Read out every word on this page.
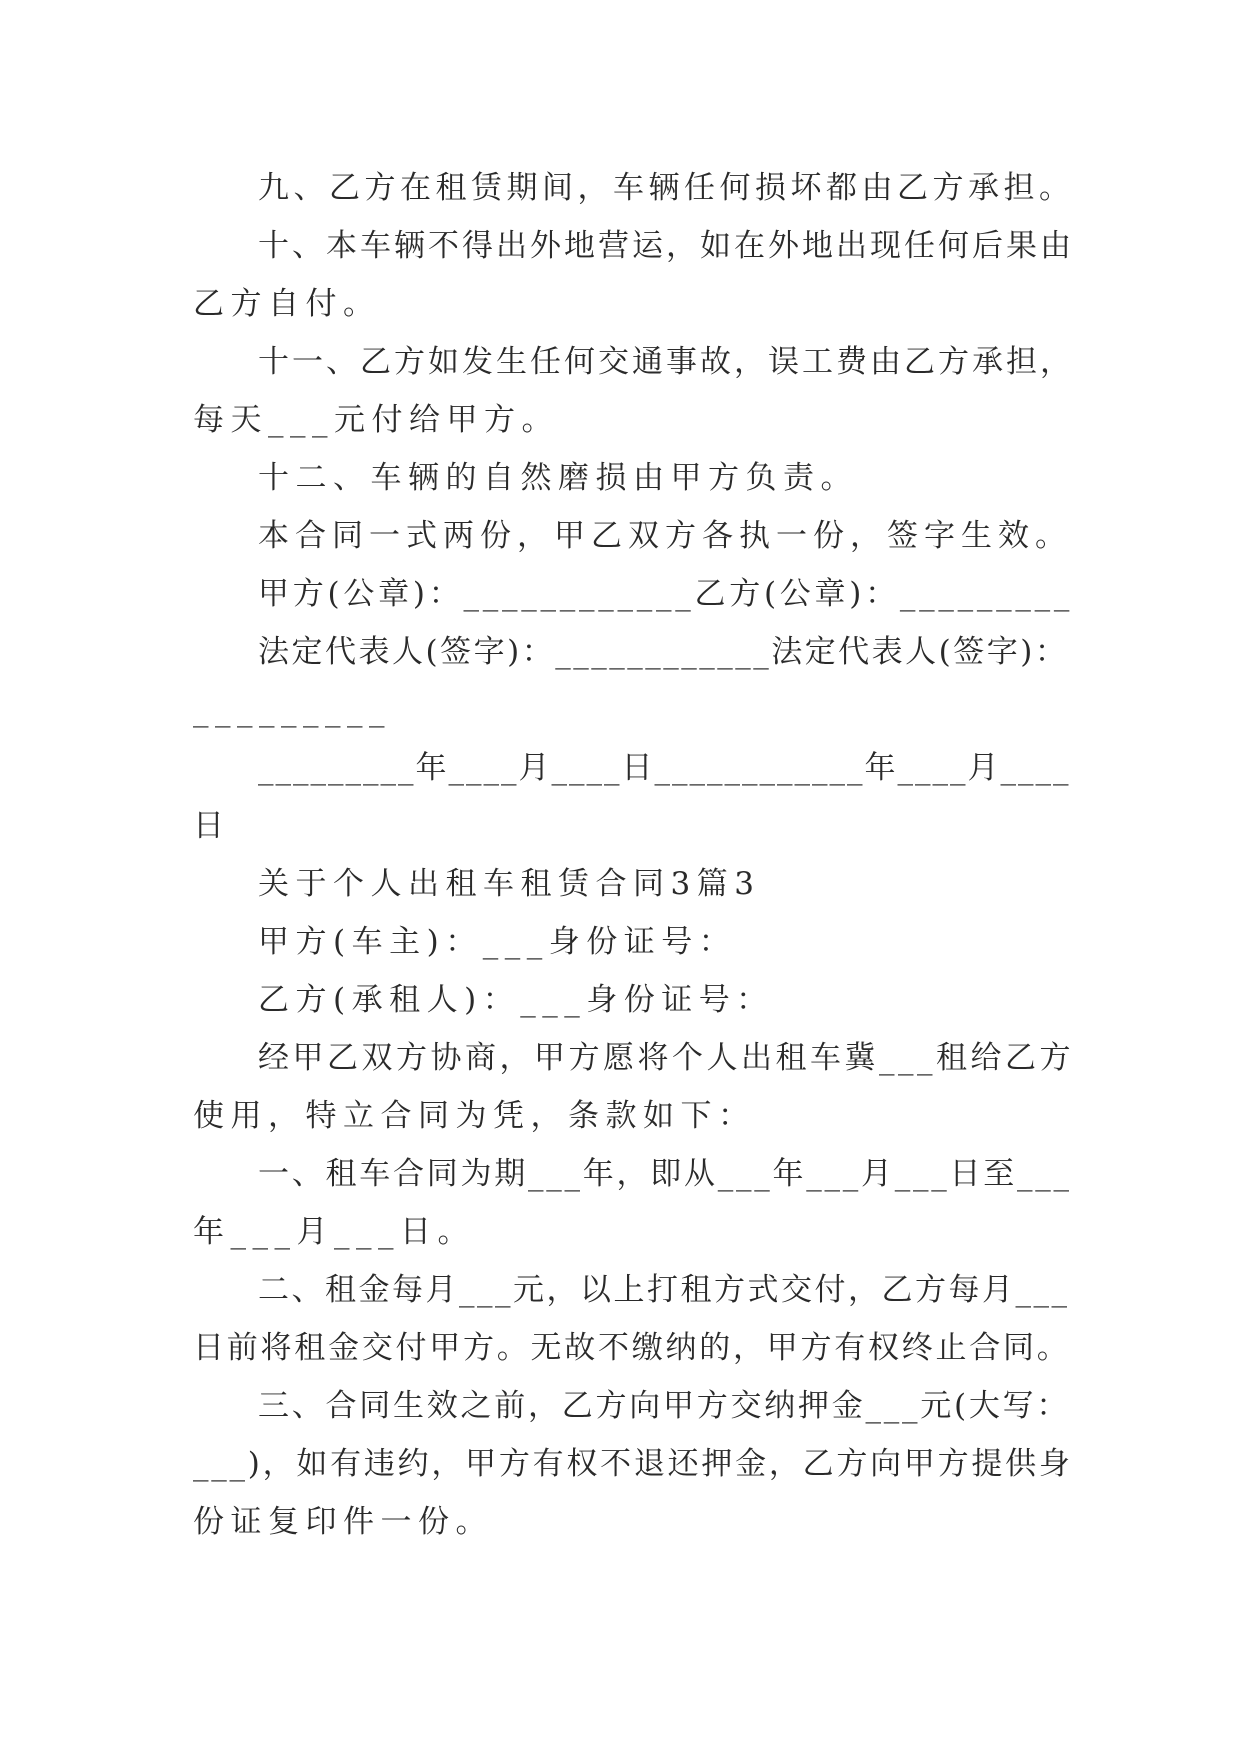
九、乙方在租赁期间，车辆任何损坏都由乙方承担。
十、本车辆不得出外地营运，如在外地出现任何后果由
乙方自付。
十一、乙方如发生任何交通事故，误工费由乙方承担，
每天___元付给甲方。
十二、车辆的自然磨损由甲方负责。
本合同一式两份，甲乙双方各执一份，签字生效。
甲方(公章)：____________乙方(公章)：_________
法定代表人(签字)：____________法定代表人(签字)：
_________
_________年____月____日____________年____月____
日
关于个人出租车租赁合同3篇3
甲方(车主)：___身份证号：
乙方(承租人)：___身份证号：
经甲乙双方协商，甲方愿将个人出租车冀___租给乙方
使用，特立合同为凭，条款如下：
一、租车合同为期___年，即从___年___月___日至___
年___月___日。
二、租金每月___元，以上打租方式交付，乙方每月___
日前将租金交付甲方。无故不缴纳的，甲方有权终止合同。
三、合同生效之前，乙方向甲方交纳押金___元(大写：
___)，如有违约，甲方有权不退还押金，乙方向甲方提供身
份证复印件一份。
